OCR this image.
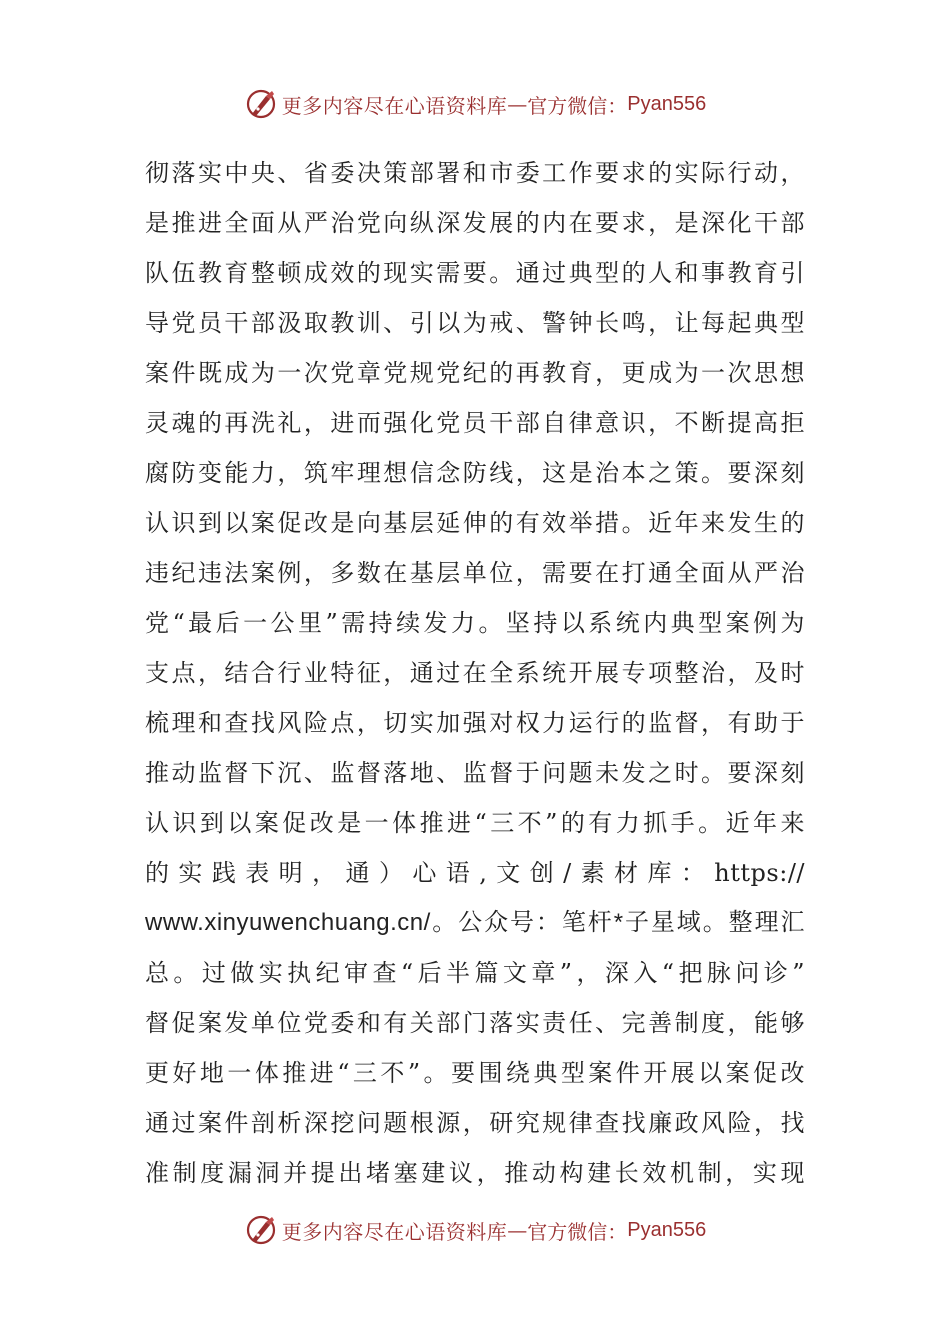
更多内容尽在心语资料库 — 官方微信： Pyan556
彻落实中央、省委决策部署和市委工作要求的实际行动，
是推进全面从严治党向纵深发展的内在要求，是深化干部
队伍教育整顿成效的现实需要。通过典型的人和事教育引
导党员干部汲取教训、引以为戒、警钟长鸣，让每起典型
案件既成为一次党章党规党纪的再教育，更成为一次思想
灵魂的再洗礼，进而强化党员干部自律意识，不断提高拒
腐防变能力，筑牢理想信念防线，这是治本之策。要深刻
认识到以案促改是向基层延伸的有效举措。近年来发生的
违纪违法案例，多数在基层单位，需要在打通全面从严治
党“最后一公里”需持续发力。坚持以系统内典型案例为
支点，结合行业特征，通过在全系统开展专项整治，及时
梳理和查找风险点，切实加强对权力运行的监督，有助于
推动监督下沉、监督落地、监督于问题未发之时。要深刻
认识到以案促改是一体推进“三不”的有力抓手。近年来
的实践表明，通）心语,文创/素材库：https://
www.xinyuwenchuang.cn/。公众号：笔杆*子星域。整理汇
总。过做实执纪审查“后半篇文章”，深入“把脉问诊”
督促案发单位党委和有关部门落实责任、完善制度，能够
更好地一体推进“三不”。要围绕典型案件开展以案促改
通过案件剖析深挖问题根源，研究规律查找廉政风险，找
准制度漏洞并提出堵塞建议，推动构建长效机制，实现
更多内容尽在心语资料库 — 官方微信： Pyan556
